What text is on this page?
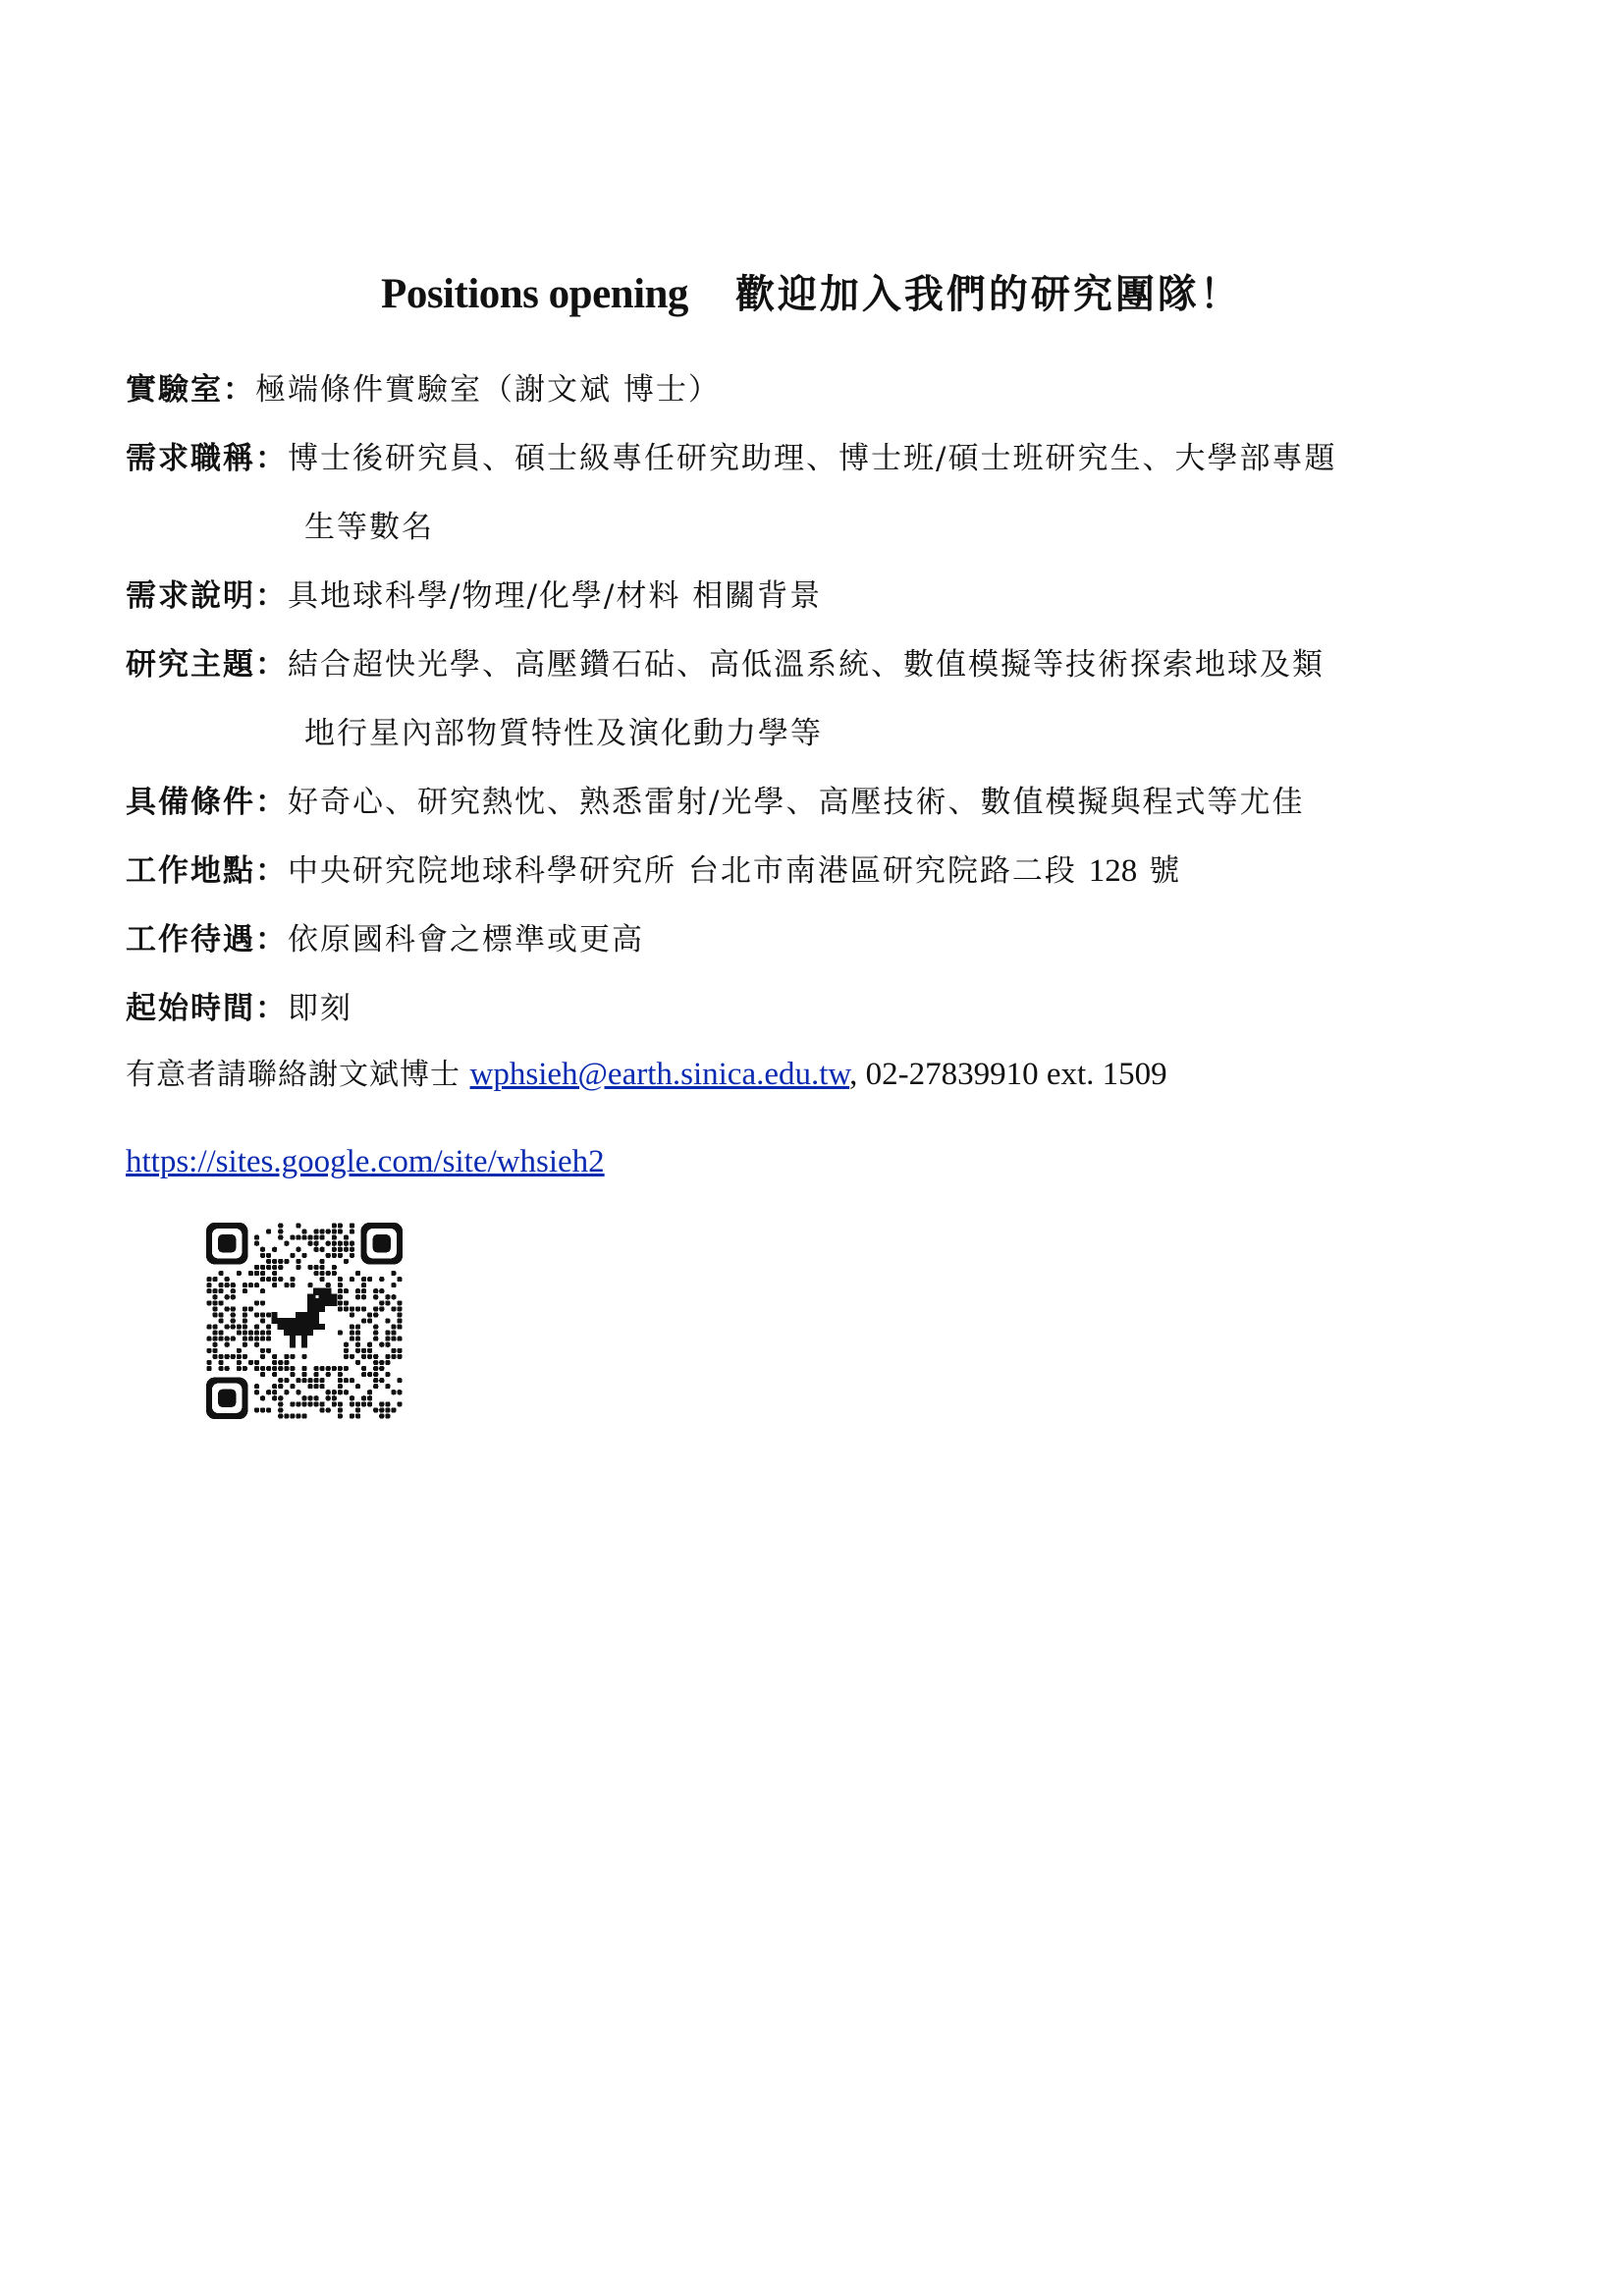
Positions opening 歡迎加入我們的研究團隊！
實驗室： 極端條件實驗室（謝文斌 博士）
需求職稱： 博士後研究員、碩士級專任研究助理、博士班/碩士班研究生、大學部專題
生等數名
需求說明： 具地球科學/物理/化學/材料 相關背景
研究主題： 結合超快光學、高壓鑽石砧、高低溫系統、數值模擬等技術探索地球及類
地行星內部物質特性及演化動力學等
具備條件： 好奇心、研究熱忱、熟悉雷射/光學、高壓技術、數值模擬與程式等尤佳
工作地點： 中央研究院地球科學研究所 台北市南港區研究院路二段 128 號
工作待遇： 依原國科會之標準或更高
起始時間： 即刻
有意者請聯絡謝文斌博士 wphsieh@earth.sinica.edu.tw, 02-27839910 ext. 1509
https://sites.google.com/site/whsieh2
